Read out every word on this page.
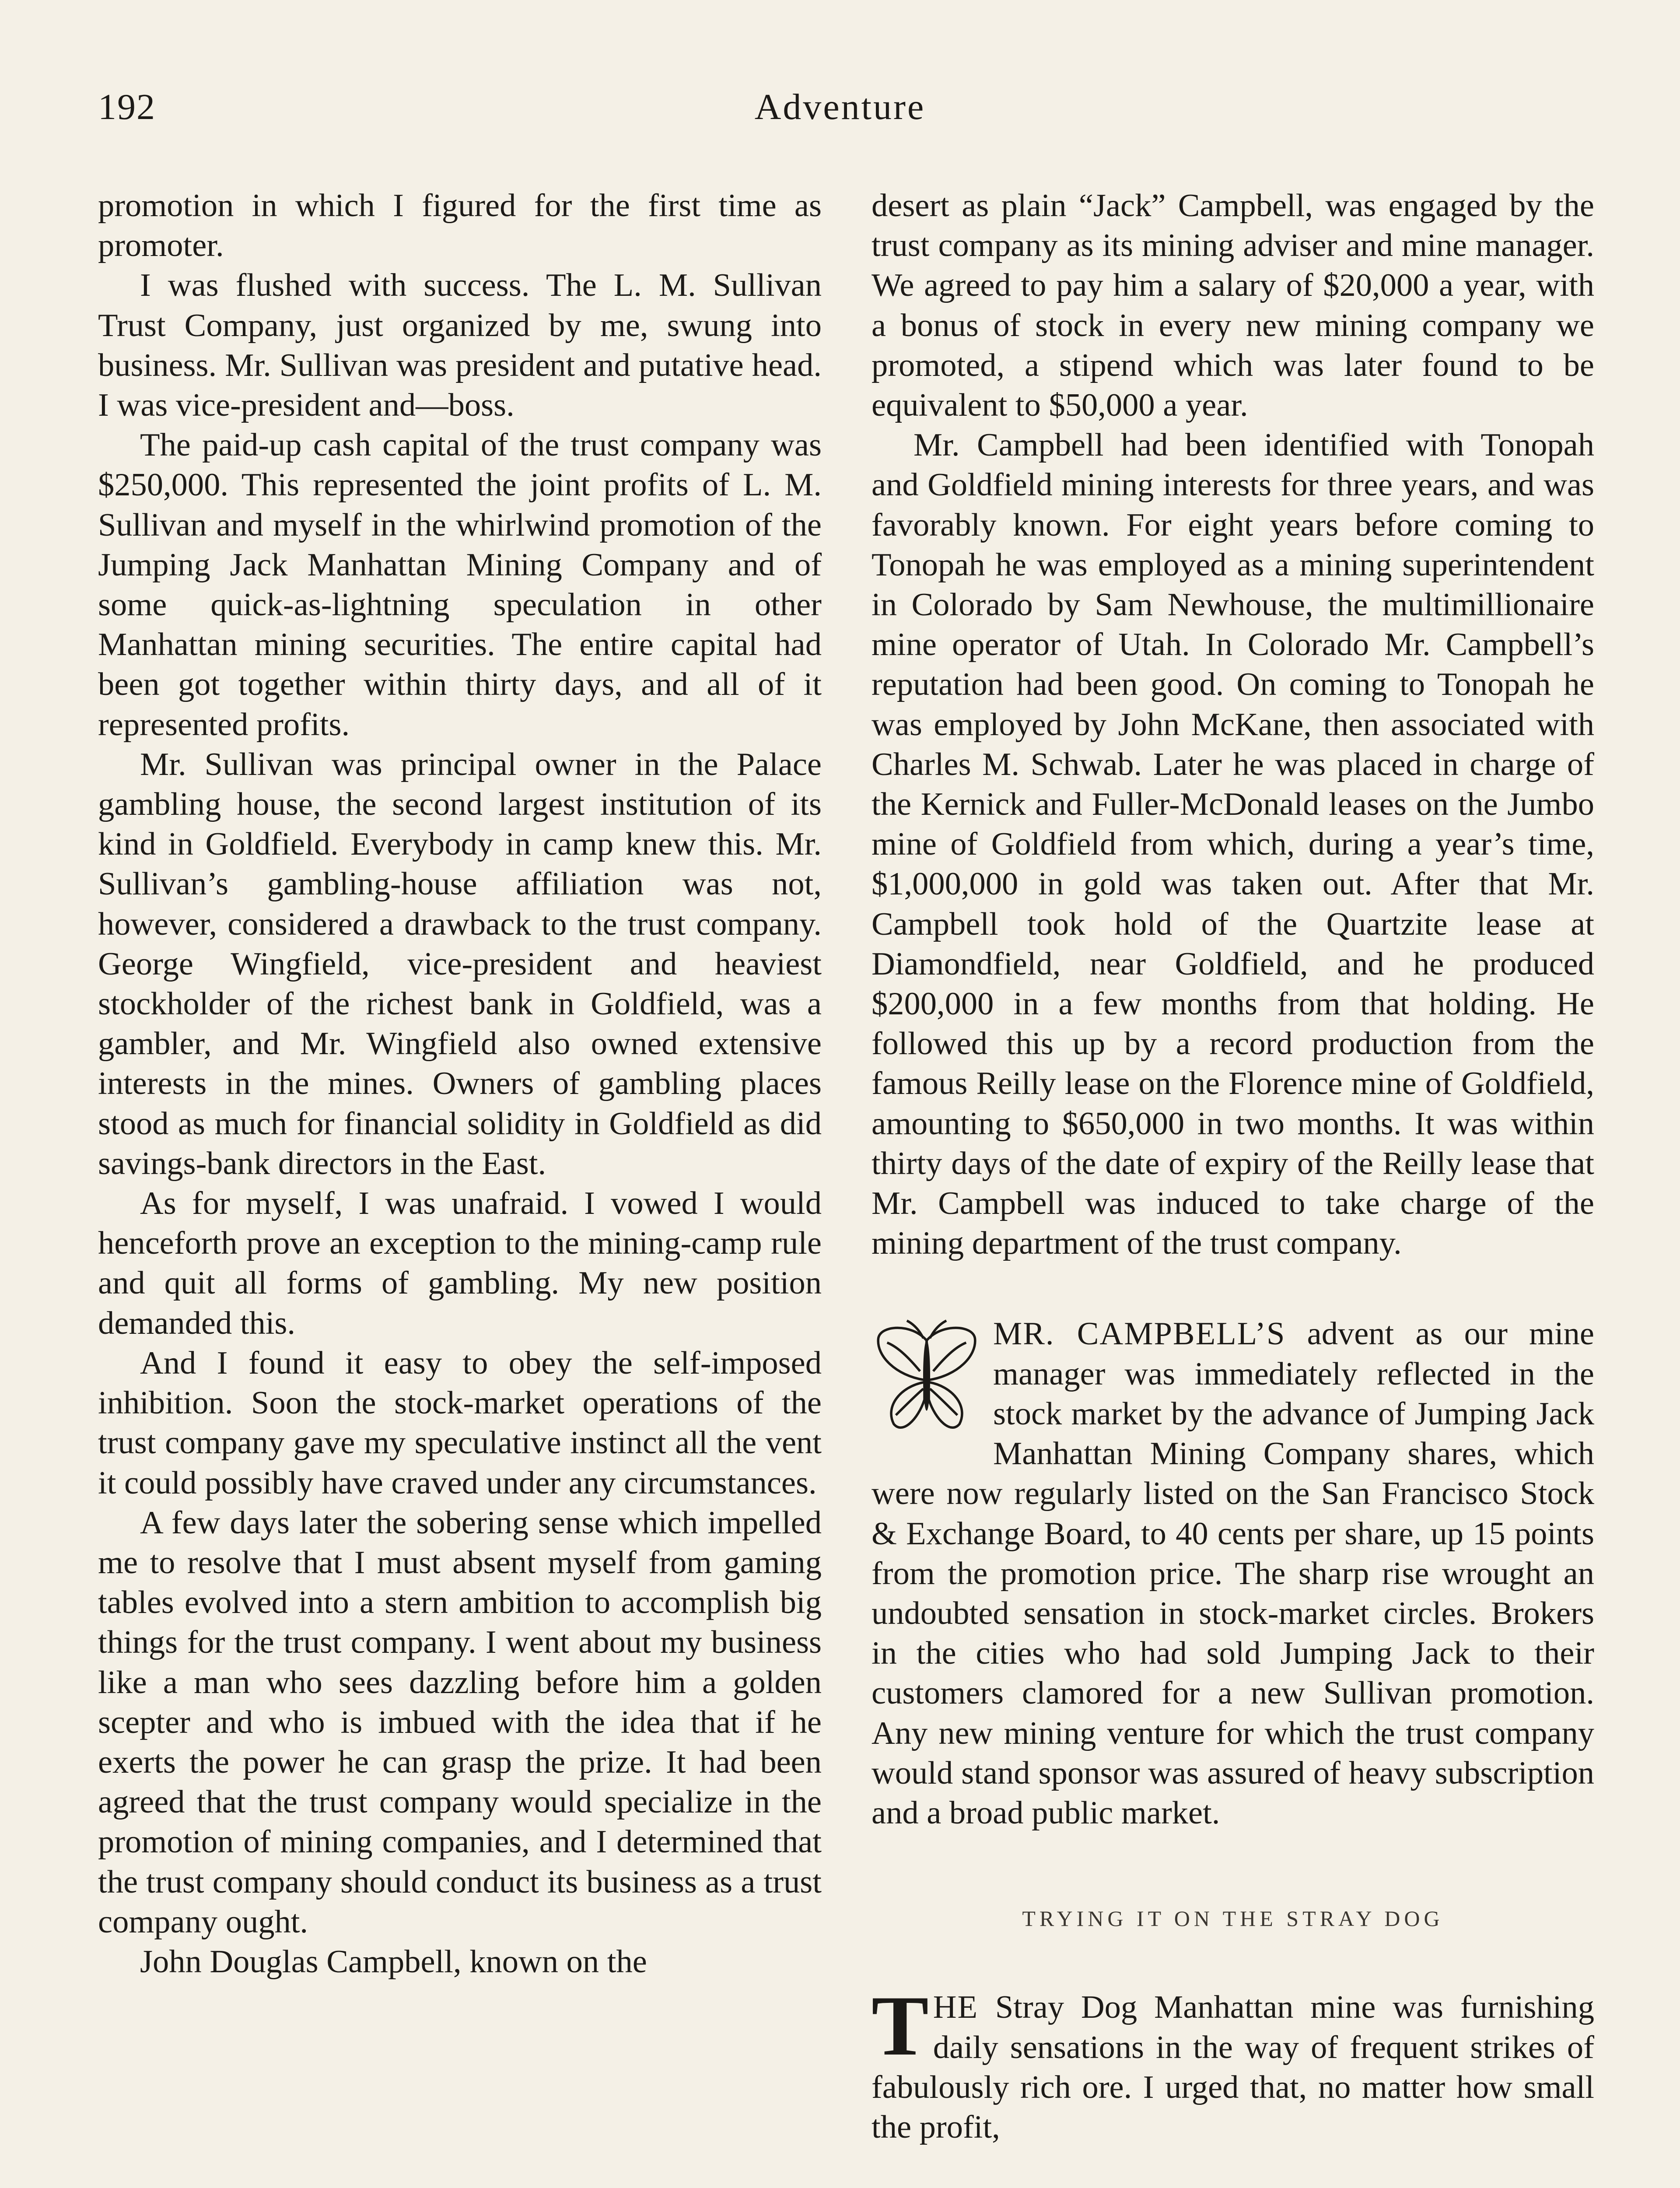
192	Adventure

promotion in which I figured for the first time as promoter.

I was flushed with success. The L. M. Sullivan Trust Company, just organized by me, swung into business. Mr. Sullivan was president and putative head. I was vice-president and—boss.

The paid-up cash capital of the trust company was $250,000. This represented the joint profits of L. M. Sullivan and myself in the whirlwind promotion of the Jumping Jack Manhattan Mining Company and of some quick-as-lightning speculation in other Manhattan mining securities. The entire capital had been got together within thirty days, and all of it represented profits.

Mr. Sullivan was principal owner in the Palace gambling house, the second largest institution of its kind in Goldfield. Everybody in camp knew this. Mr. Sullivan’s gambling-house affiliation was not, however, considered a drawback to the trust company. George Wingfield, vice-president and heaviest stockholder of the richest bank in Goldfield, was a gambler, and Mr. Wingfield also owned extensive interests in the mines. Owners of gambling places stood as much for financial solidity in Goldfield as did savings-bank directors in the East.

As for myself, I was unafraid. I vowed I would henceforth prove an exception to the mining-camp rule and quit all forms of gambling. My new position demanded this.

And I found it easy to obey the self-imposed inhibition. Soon the stock-market operations of the trust company gave my speculative instinct all the vent it could possibly have craved under any circumstances.

A few days later the sobering sense which impelled me to resolve that I must absent myself from gaming tables evolved into a stern ambition to accomplish big things for the trust company. I went about my business like a man who sees dazzling before him a golden scepter and who is imbued with the idea that if he exerts the power he can grasp the prize. It had been agreed that the trust company would specialize in the promotion of mining companies, and I determined that the trust company should conduct its business as a trust company ought.

John Douglas Campbell, known on the

desert as plain “Jack” Campbell, was engaged by the trust company as its mining adviser and mine manager. We agreed to pay him a salary of $20,000 a year, with a bonus of stock in every new mining company we promoted, a stipend which was later found to be equivalent to $50,000 a year.

Mr. Campbell had been identified with Tonopah and Goldfield mining interests for three years, and was favorably known. For eight years before coming to Tonopah he was employed as a mining superintendent in Colorado by Sam Newhouse, the multimillionaire mine operator of Utah. In Colorado Mr. Campbell’s reputation had been good. On coming to Tonopah he was employed by John McKane, then associated with Charles M. Schwab. Later he was placed in charge of the Kernick and Fuller-McDonald leases on the Jumbo mine of Goldfield from which, during a year’s time, $1,000,000 in gold was taken out. After that Mr. Campbell took hold of the Quartzite lease at Diamondfield, near Goldfield, and he produced $200,000 in a few months from that holding. He followed this up by a record production from the famous Reilly lease on the Florence mine of Goldfield, amounting to $650,000 in two months. It was within thirty days of the date of expiry of the Reilly lease that Mr. Campbell was induced to take charge of the mining department of the trust company.

MR. CAMPBELL’S advent as our mine manager was immediately reflected in the stock market by the advance of Jumping Jack Manhattan Mining Company shares, which were now regularly listed on the San Francisco Stock & Exchange Board, to 40 cents per share, up 15 points from the promotion price. The sharp rise wrought an undoubted sensation in stock-market circles. Brokers in the cities who had sold Jumping Jack to their customers clamored for a new Sullivan promotion. Any new mining venture for which the trust company would stand sponsor was assured of heavy subscription and a broad public market.

TRYING IT ON THE STRAY DOG
T HE Stray Dog Manhattan mine was furnishing daily sensations in the way of frequent strikes of fabulously rich ore. I urged that, no matter how small the profit,
